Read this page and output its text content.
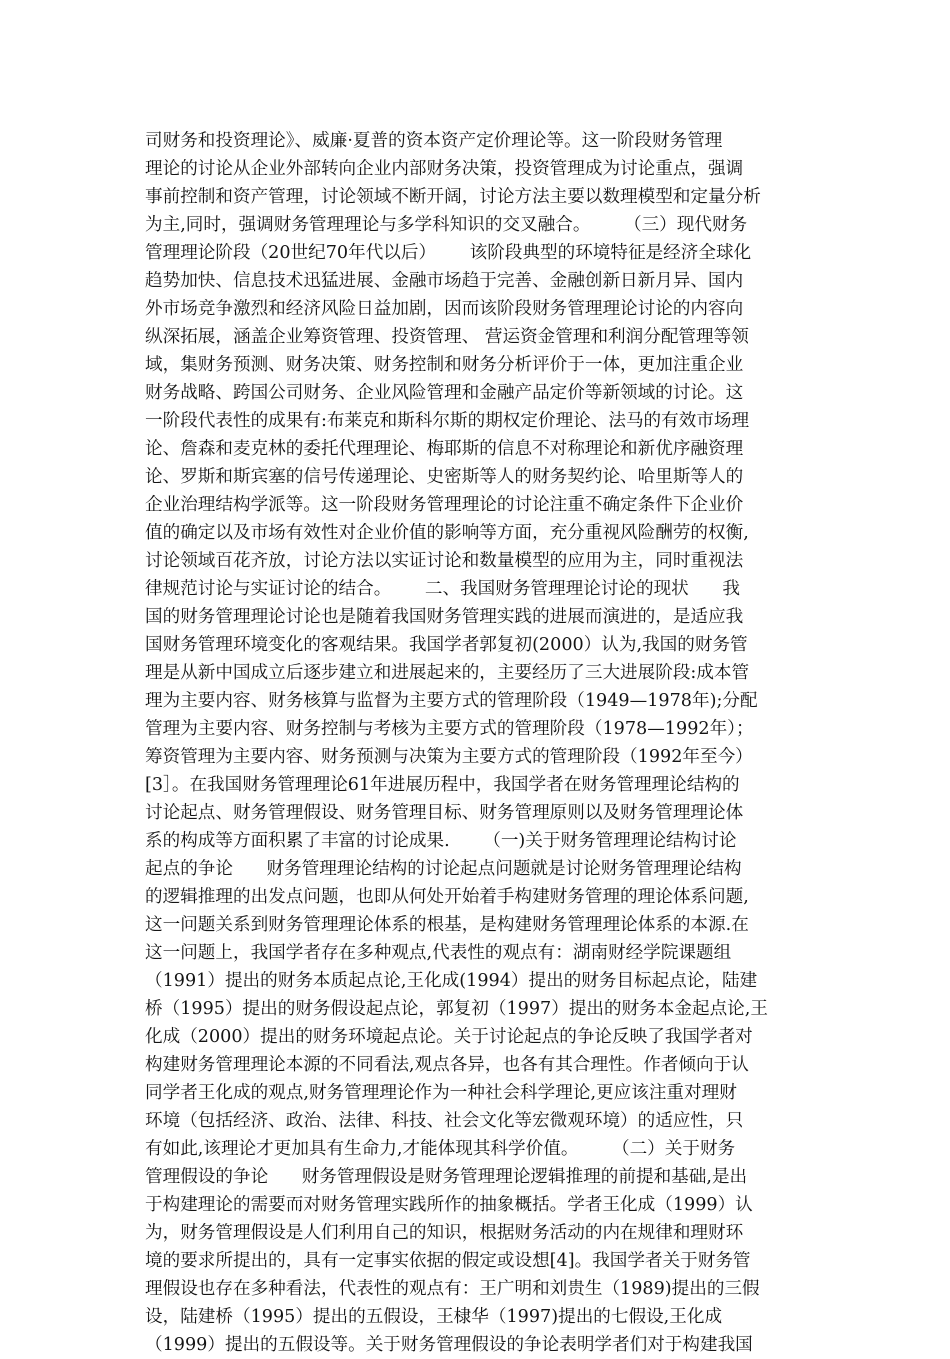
司财务和投资理论》、威廉·夏普的资本资产定价理论等。这一阶段财务管理
理论的讨论从企业外部转向企业内部财务决策，投资管理成为讨论重点，强调
事前控制和资产管理，讨论领域不断开阔，讨论方法主要以数理模型和定量分析
为主,同时，强调财务管理理论与多学科知识的交叉融合。      （三）现代财务
管理理论阶段（20世纪70年代以后）      该阶段典型的环境特征是经济全球化
趋势加快、信息技术迅猛进展、金融市场趋于完善、金融创新日新月异、国内
外市场竞争激烈和经济风险日益加剧，因而该阶段财务管理理论讨论的内容向
纵深拓展，涵盖企业筹资管理、投资管理、 营运资金管理和利润分配管理等领
域，集财务预测、财务决策、财务控制和财务分析评价于一体，更加注重企业
财务战略、跨国公司财务、企业风险管理和金融产品定价等新领域的讨论。这
一阶段代表性的成果有:布莱克和斯科尔斯的期权定价理论、法马的有效市场理
论、詹森和麦克林的委托代理理论、梅耶斯的信息不对称理论和新优序融资理
论、罗斯和斯宾塞的信号传递理论、史密斯等人的财务契约论、哈里斯等人的
企业治理结构学派等。这一阶段财务管理理论的讨论注重不确定条件下企业价
值的确定以及市场有效性对企业价值的影响等方面，充分重视风险酬劳的权衡,
讨论领域百花齐放，讨论方法以实证讨论和数量模型的应用为主，同时重视法
律规范讨论与实证讨论的结合。      二、我国财务管理理论讨论的现状      我
国的财务管理理论讨论也是随着我国财务管理实践的进展而演进的，是适应我
国财务管理环境变化的客观结果。我国学者郭复初(2000）认为,我国的财务管
理是从新中国成立后逐步建立和进展起来的，主要经历了三大进展阶段:成本管
理为主要内容、财务核算与监督为主要方式的管理阶段（1949—1978年);分配
管理为主要内容、财务控制与考核为主要方式的管理阶段（1978—1992年）；
筹资管理为主要内容、财务预测与决策为主要方式的管理阶段（1992年至今）
[3］。在我国财务管理理论61年进展历程中，我国学者在财务管理理论结构的
讨论起点、财务管理假设、财务管理目标、财务管理原则以及财务管理理论体
系的构成等方面积累了丰富的讨论成果.      （一)关于财务管理理论结构讨论
起点的争论      财务管理理论结构的讨论起点问题就是讨论财务管理理论结构
的逻辑推理的出发点问题，也即从何处开始着手构建财务管理的理论体系问题,
这一问题关系到财务管理理论体系的根基，是构建财务管理理论体系的本源.在
这一问题上，我国学者存在多种观点,代表性的观点有：湖南财经学院课题组
（1991）提出的财务本质起点论,王化成(1994）提出的财务目标起点论，陆建
桥（1995）提出的财务假设起点论，郭复初（1997）提出的财务本金起点论,王
化成（2000）提出的财务环境起点论。关于讨论起点的争论反映了我国学者对
构建财务管理理论本源的不同看法,观点各异，也各有其合理性。作者倾向于认
同学者王化成的观点,财务管理理论作为一种社会科学理论,更应该注重对理财
环境（包括经济、政治、法律、科技、社会文化等宏微观环境）的适应性，只
有如此,该理论才更加具有生命力,才能体现其科学价值。      （二）关于财务
管理假设的争论      财务管理假设是财务管理理论逻辑推理的前提和基础,是出
于构建理论的需要而对财务管理实践所作的抽象概括。学者王化成（1999）认
为，财务管理假设是人们利用自己的知识，根据财务活动的内在规律和理财环
境的要求所提出的，具有一定事实依据的假定或设想[4]。我国学者关于财务管
理假设也存在多种看法，代表性的观点有：王广明和刘贵生（1989)提出的三假
设，陆建桥（1995）提出的五假设，王棣华（1997)提出的七假设,王化成
（1999）提出的五假设等。关于财务管理假设的争论表明学者们对于构建我国
